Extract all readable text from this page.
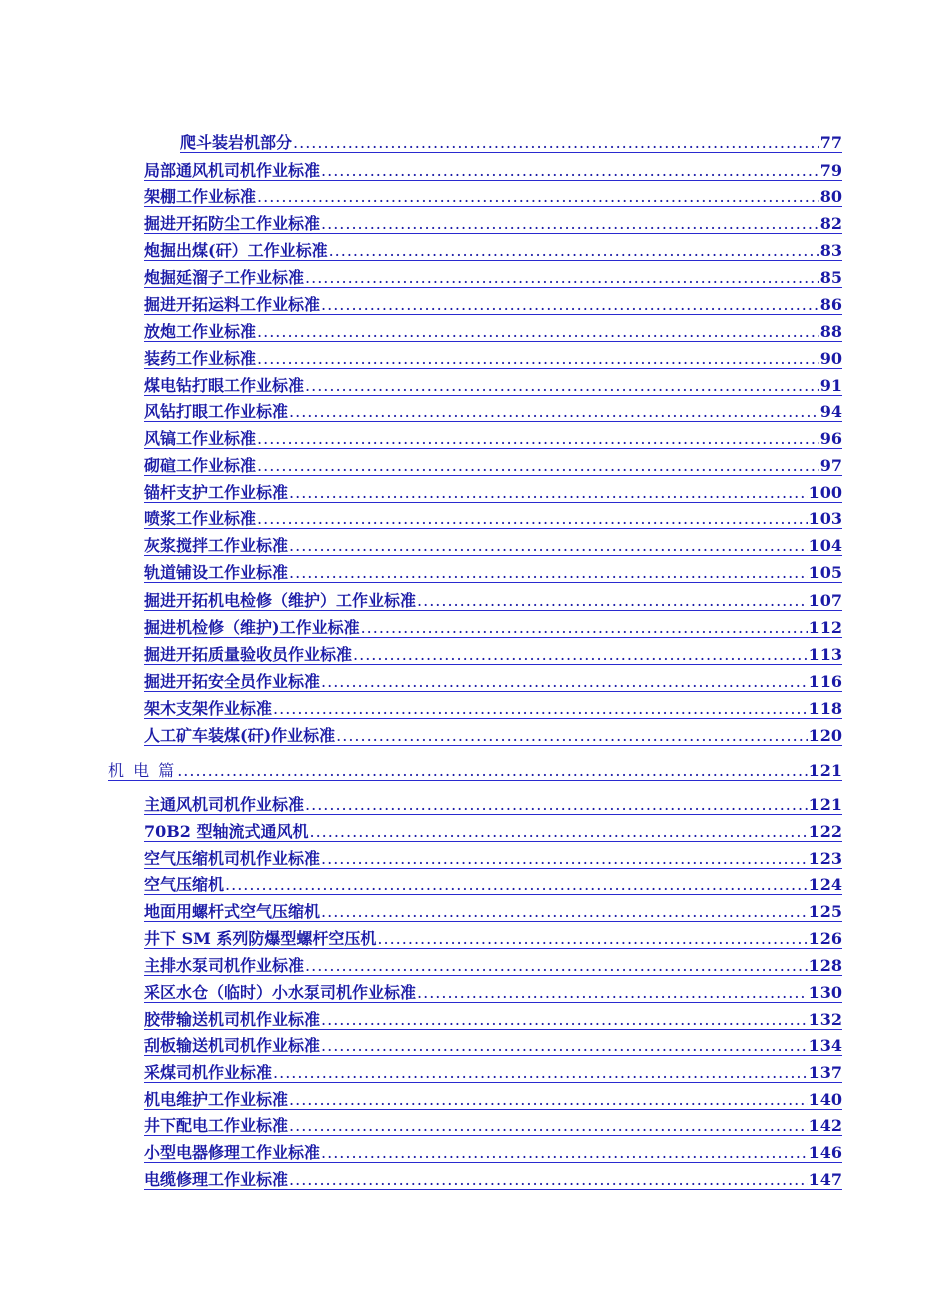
爬斗装岩机部分 .....	77
局部通风机司机作业标准 .....	79
架棚工作业标准 .....	80
掘进开拓防尘工作业标准 .....	82
炮掘出煤(矸）工作业标准 .....	83
炮掘延溜子工作业标准 .....	85
掘进开拓运料工作业标准 .....	86
放炮工作业标准 .....	88
装药工作业标准 .....	90
煤电钻打眼工作业标准 .....	91
风钻打眼工作业标准 .....	94
风镐工作业标准 .....	96
砌碹工作业标准 .....	97
锚杆支护工作业标准 .....	100
喷浆工作业标准 .....	103
灰浆搅拌工作业标准 .....	104
轨道铺设工作业标准 .....	105
掘进开拓机电检修（维护）工作业标准 .....	107
掘进机检修（维护)工作业标准 .....	112
掘进开拓质量验收员作业标准 .....	113
掘进开拓安全员作业标准 .....	116
架木支架作业标准 .....	118
人工矿车装煤(矸)作业标准 .....	120
机 电 篇 .....	121
主通风机司机作业标准 .....	121
70B2 型轴流式通风机 .....	122
空气压缩机司机作业标准 .....	123
空气压缩机 .....	124
地面用螺杆式空气压缩机 .....	125
井下 SM 系列防爆型螺杆空压机 .....	126
主排水泵司机作业标准 .....	128
采区水仓（临时）小水泵司机作业标准 .....	130
胶带输送机司机作业标准 .....	132
刮板输送机司机作业标准 .....	134
采煤司机作业标准 .....	137
机电维护工作业标准 .....	140
井下配电工作业标准 .....	142
小型电器修理工作业标准 .....	146
电缆修理工作业标准 .....	147
